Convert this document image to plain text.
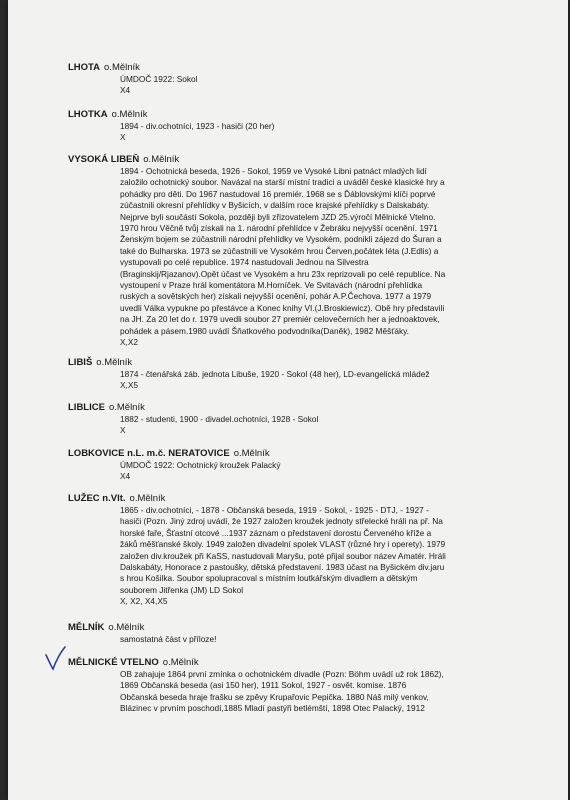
LHOTA o.Mělník
ÚMDOČ 1922: Sokol
X4
LHOTKA o.Mělník
1894 - div.ochotníci, 1923 - hasiči (20 her)
X
VYSOKÁ LIBEŇ o.Mělník
1894 - Ochotnická beseda, 1926 - Sokol, 1959 ve Vysoké Libni patnáct mladých lidí
založilo ochotnický soubor. Navázal na starší místní tradici a uváděl české klasické hry a
pohádky pro děti. Do 1967 nastudoval 16 premiér. 1968 se s Ďáblovskými klíči poprvé
zúčastnili okresní přehlídky v Byšicích, v dalším roce krajské přehlídky s Dalskabáty.
Nejprve byli součástí Sokola, později byli zřizovatelem JZD 25.výročí Mělnické Vtelno.
1970 hrou Věčně tvůj získali na 1. národní přehlídce v Žebráku nejvyšší ocenění. 1971
Ženským bojem se zúčastnili národní přehlídky ve Vysokém, podnikli zájezd do Šuran a
také do Bulharska. 1973 se zúčastnili ve Vysokém hrou Červen,počátek léta (J.Edlis) a
vystupovali po celé republice. 1974 nastudovali Jednou na Silvestra
(Braginskij/Rjazanov).Opět účast ve Vysokém a hru 23x reprizovali po celé republice. Na
vystoupení v Praze hrál komentátora M.Horníček. Ve Svitavách (národní přehlídka
ruských a sovětských her) získali nejvyšší ocenění, pohár A.P.Čechova. 1977 a 1979
uvedli Válka vypukne po přestávce a Konec knihy VI.(J.Broskiewicz). Obě hry představili
na JH. Za 20 let do r. 1979 uvedli soubor 27 premiér celovečerních her a jednoaktovek,
pohádek a pásem.1980 uvádí Šňatkového podvodníka(Daněk), 1982 Měšťáky.
X,X2
LIBIŠ o.Mělník
1874 - čtenářská záb. jednota Libuše, 1920 - Sokol (48 her), LD-evangelická mládež
X,X5
LIBLICE o.Mělník
1882 - studenti, 1900 - divadel.ochotníci, 1928 - Sokol
X
LOBKOVICE n.L. m.č. NERATOVICE o.Mělník
ÚMDOČ 1922: Ochotnický kroužek Palacký
X4
LUŽEC n.Vlt. o.Mělník
1865 - div.ochotníci, - 1878 - Občanská beseda, 1919 - Sokol, - 1925 - DTJ, - 1927 -
hasiči (Pozn. Jiný zdroj uvádí, že 1927 založen kroužek jednoty střelecké hráli na př. Na
horské faře, Šťastní otcové ...1937 záznam o představení dorostu Červeného kříže a
žáků měšťanské školy. 1949 založen divadelní spolek VLAST (různé hry i operety). 1979
založen div.kroužek při KaSS, nastudovali Maryšu, poté přijal soubor název Amatér. Hráli
Dalskabáty, Honorace z pastoušky, dětská představení. 1983 účast na Byšickém div.jaru
s hrou Košilka. Soubor spolupracoval s místním loutkářským divadlem a dětským
souborem Jitřenka (JM) LD Sokol
X, X2, X4,X5
MĚLNÍK o.Mělník
samostatná část v příloze!
MĚLNICKÉ VTELNO o.Mělník
OB zahajuje 1864 první zmínka o ochotnickém divadle (Pozn: Böhm uvádí už rok 1862),
1869 Občanská beseda (asi 150 her), 1911 Sokol, 1927 - osvět. komise. 1876
Občanská beseda hraje frašku se zpěvy Krupařovic Pepička. 1880 Náš milý venkov,
Blázinec v prvním poschodí,1885 Mladí pastýři betlémští, 1898 Otec Palacký, 1912
